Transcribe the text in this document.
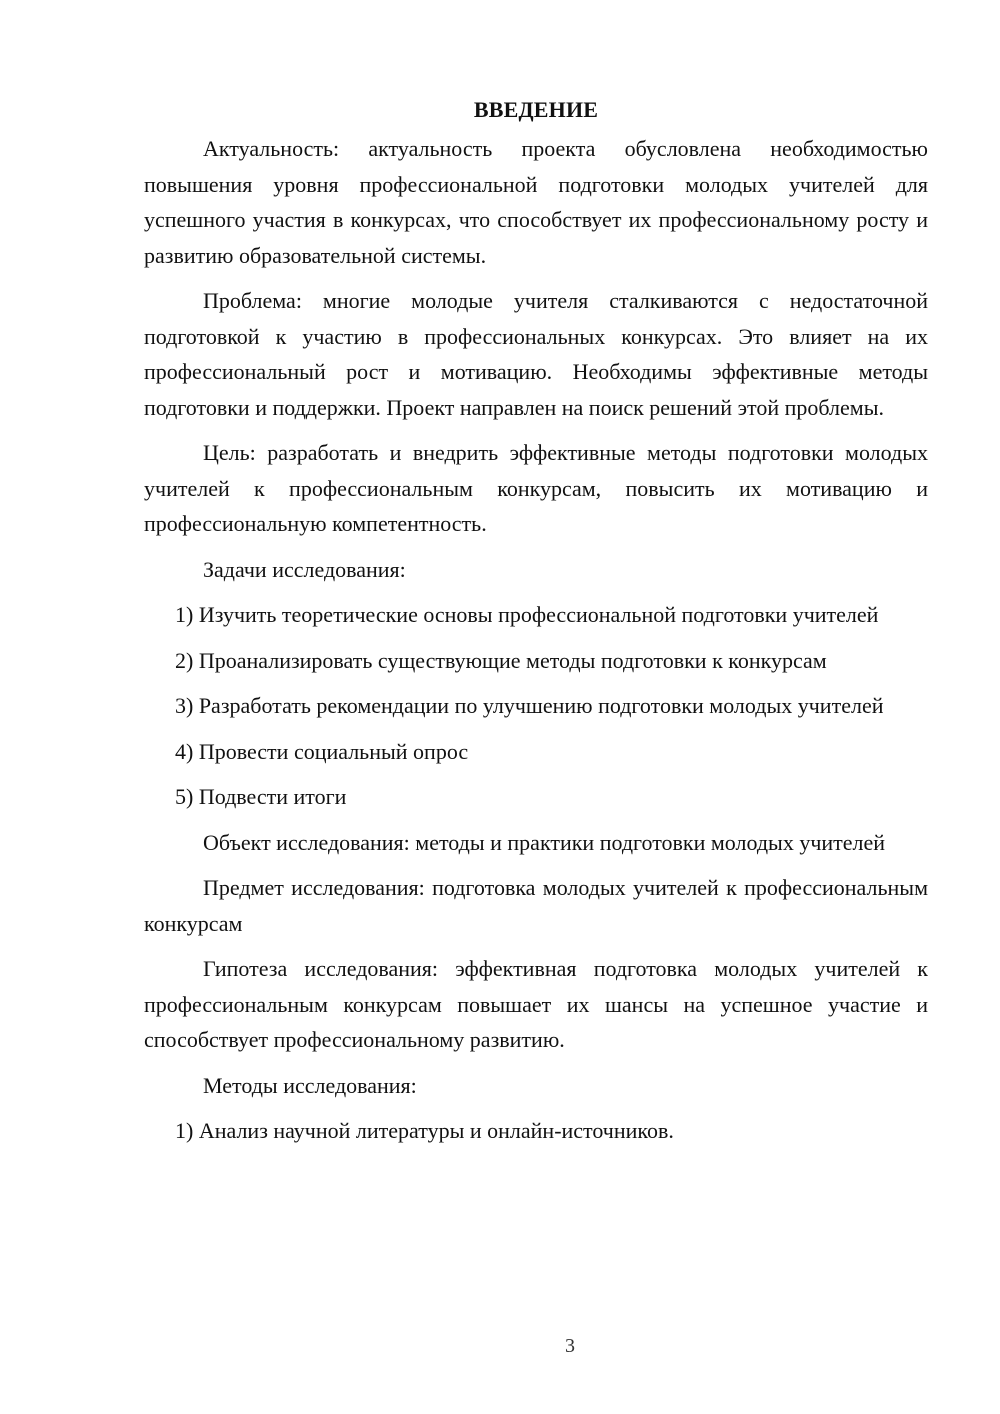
ВВЕДЕНИЕ

Актуальность: актуальность проекта обусловлена необходимостью повышения уровня профессиональной подготовки молодых учителей для успешного участия в конкурсах, что способствует их профессиональному росту и развитию образовательной системы.

Проблема: многие молодые учителя сталкиваются с недостаточной подготовкой к участию в профессиональных конкурсах. Это влияет на их профессиональный рост и мотивацию. Необходимы эффективные методы подготовки и поддержки. Проект направлен на поиск решений этой проблемы.

Цель: разработать и внедрить эффективные методы подготовки молодых учителей к профессиональным конкурсам, повысить их мотивацию и профессиональную компетентность.

Задачи исследования:

1) Изучить теоретические основы профессиональной подготовки учителей

2) Проанализировать существующие методы подготовки к конкурсам

3) Разработать рекомендации по улучшению подготовки молодых учителей

4) Провести социальный опрос

5) Подвести итоги

Объект исследования: методы и практики подготовки молодых учителей

Предмет исследования: подготовка молодых учителей к профессиональным конкурсам

Гипотеза исследования: эффективная подготовка молодых учителей к профессиональным конкурсам повышает их шансы на успешное участие и способствует профессиональному развитию.

Методы исследования:

1) Анализ научной литературы и онлайн-источников.

3
